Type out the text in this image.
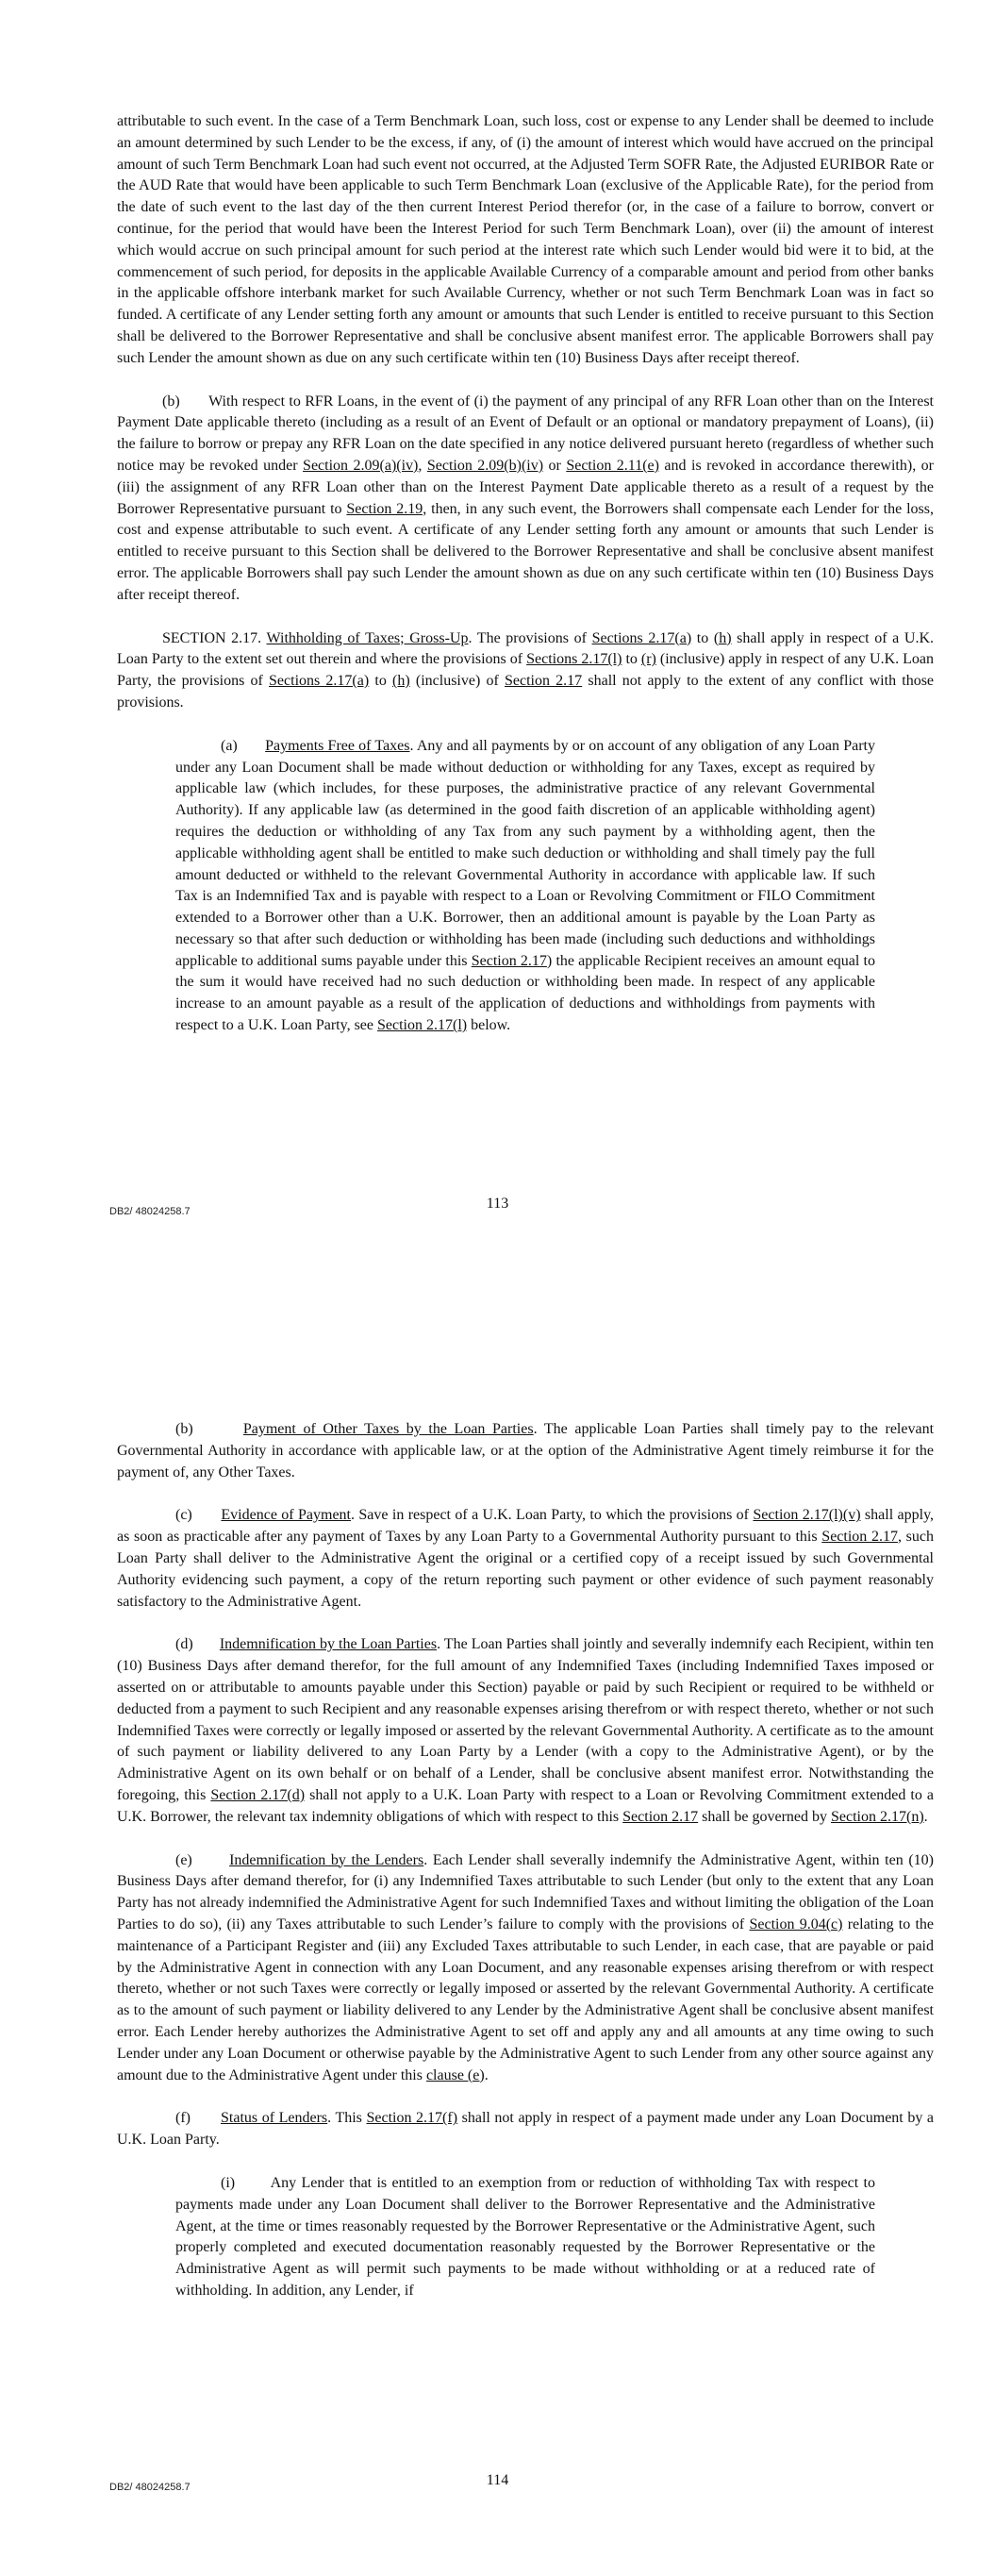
attributable to such event. In the case of a Term Benchmark Loan, such loss, cost or expense to any Lender shall be deemed to include an amount determined by such Lender to be the excess, if any, of (i) the amount of interest which would have accrued on the principal amount of such Term Benchmark Loan had such event not occurred, at the Adjusted Term SOFR Rate, the Adjusted EURIBOR Rate or the AUD Rate that would have been applicable to such Term Benchmark Loan (exclusive of the Applicable Rate), for the period from the date of such event to the last day of the then current Interest Period therefor (or, in the case of a failure to borrow, convert or continue, for the period that would have been the Interest Period for such Term Benchmark Loan), over (ii) the amount of interest which would accrue on such principal amount for such period at the interest rate which such Lender would bid were it to bid, at the commencement of such period, for deposits in the applicable Available Currency of a comparable amount and period from other banks in the applicable offshore interbank market for such Available Currency, whether or not such Term Benchmark Loan was in fact so funded. A certificate of any Lender setting forth any amount or amounts that such Lender is entitled to receive pursuant to this Section shall be delivered to the Borrower Representative and shall be conclusive absent manifest error. The applicable Borrowers shall pay such Lender the amount shown as due on any such certificate within ten (10) Business Days after receipt thereof.

(b)       With respect to RFR Loans, in the event of (i) the payment of any principal of any RFR Loan other than on the Interest Payment Date applicable thereto (including as a result of an Event of Default or an optional or mandatory prepayment of Loans), (ii) the failure to borrow or prepay any RFR Loan on the date specified in any notice delivered pursuant hereto (regardless of whether such notice may be revoked under Section 2.09(a)(iv), Section 2.09(b)(iv) or Section 2.11(e) and is revoked in accordance therewith), or (iii) the assignment of any RFR Loan other than on the Interest Payment Date applicable thereto as a result of a request by the Borrower Representative pursuant to Section 2.19, then, in any such event, the Borrowers shall compensate each Lender for the loss, cost and expense attributable to such event. A certificate of any Lender setting forth any amount or amounts that such Lender is entitled to receive pursuant to this Section shall be delivered to the Borrower Representative and shall be conclusive absent manifest error. The applicable Borrowers shall pay such Lender the amount shown as due on any such certificate within ten (10) Business Days after receipt thereof.

SECTION 2.17. Withholding of Taxes; Gross-Up. The provisions of Sections 2.17(a) to (h) shall apply in respect of a U.K. Loan Party to the extent set out therein and where the provisions of Sections 2.17(l) to (r) (inclusive) apply in respect of any U.K. Loan Party, the provisions of Sections 2.17(a) to (h) (inclusive) of Section 2.17 shall not apply to the extent of any conflict with those provisions.

(a)       Payments Free of Taxes. Any and all payments by or on account of any obligation of any Loan Party under any Loan Document shall be made without deduction or withholding for any Taxes, except as required by applicable law (which includes, for these purposes, the administrative practice of any relevant Governmental Authority). If any applicable law (as determined in the good faith discretion of an applicable withholding agent) requires the deduction or withholding of any Tax from any such payment by a withholding agent, then the applicable withholding agent shall be entitled to make such deduction or withholding and shall timely pay the full amount deducted or withheld to the relevant Governmental Authority in accordance with applicable law. If such Tax is an Indemnified Tax and is payable with respect to a Loan or Revolving Commitment or FILO Commitment extended to a Borrower other than a U.K. Borrower, then an additional amount is payable by the Loan Party as necessary so that after such deduction or withholding has been made (including such deductions and withholdings applicable to additional sums payable under this Section 2.17) the applicable Recipient receives an amount equal to the sum it would have received had no such deduction or withholding been made. In respect of any applicable increase to an amount payable as a result of the application of deductions and withholdings from payments with respect to a U.K. Loan Party, see Section 2.17(l) below.

DB2/ 48024258.7	113

(b)       Payment of Other Taxes by the Loan Parties. The applicable Loan Parties shall timely pay to the relevant Governmental Authority in accordance with applicable law, or at the option of the Administrative Agent timely reimburse it for the payment of, any Other Taxes.

(c)       Evidence of Payment. Save in respect of a U.K. Loan Party, to which the provisions of Section 2.17(l)(v) shall apply, as soon as practicable after any payment of Taxes by any Loan Party to a Governmental Authority pursuant to this Section 2.17, such Loan Party shall deliver to the Administrative Agent the original or a certified copy of a receipt issued by such Governmental Authority evidencing such payment, a copy of the return reporting such payment or other evidence of such payment reasonably satisfactory to the Administrative Agent.

(d)       Indemnification by the Loan Parties. The Loan Parties shall jointly and severally indemnify each Recipient, within ten (10) Business Days after demand therefor, for the full amount of any Indemnified Taxes (including Indemnified Taxes imposed or asserted on or attributable to amounts payable under this Section) payable or paid by such Recipient or required to be withheld or deducted from a payment to such Recipient and any reasonable expenses arising therefrom or with respect thereto, whether or not such Indemnified Taxes were correctly or legally imposed or asserted by the relevant Governmental Authority. A certificate as to the amount of such payment or liability delivered to any Loan Party by a Lender (with a copy to the Administrative Agent), or by the Administrative Agent on its own behalf or on behalf of a Lender, shall be conclusive absent manifest error. Notwithstanding the foregoing, this Section 2.17(d) shall not apply to a U.K. Loan Party with respect to a Loan or Revolving Commitment extended to a U.K. Borrower, the relevant tax indemnity obligations of which with respect to this Section 2.17 shall be governed by Section 2.17(n).

(e)       Indemnification by the Lenders. Each Lender shall severally indemnify the Administrative Agent, within ten (10) Business Days after demand therefor, for (i) any Indemnified Taxes attributable to such Lender (but only to the extent that any Loan Party has not already indemnified the Administrative Agent for such Indemnified Taxes and without limiting the obligation of the Loan Parties to do so), (ii) any Taxes attributable to such Lender’s failure to comply with the provisions of Section 9.04(c) relating to the maintenance of a Participant Register and (iii) any Excluded Taxes attributable to such Lender, in each case, that are payable or paid by the Administrative Agent in connection with any Loan Document, and any reasonable expenses arising therefrom or with respect thereto, whether or not such Taxes were correctly or legally imposed or asserted by the relevant Governmental Authority. A certificate as to the amount of such payment or liability delivered to any Lender by the Administrative Agent shall be conclusive absent manifest error. Each Lender hereby authorizes the Administrative Agent to set off and apply any and all amounts at any time owing to such Lender under any Loan Document or otherwise payable by the Administrative Agent to such Lender from any other source against any amount due to the Administrative Agent under this clause (e).

(f)       Status of Lenders. This Section 2.17(f) shall not apply in respect of a payment made under any Loan Document by a U.K. Loan Party.

(i)       Any Lender that is entitled to an exemption from or reduction of withholding Tax with respect to payments made under any Loan Document shall deliver to the Borrower Representative and the Administrative Agent, at the time or times reasonably requested by the Borrower Representative or the Administrative Agent, such properly completed and executed documentation reasonably requested by the Borrower Representative or the Administrative Agent as will permit such payments to be made without withholding or at a reduced rate of withholding. In addition, any Lender, if

DB2/ 48024258.7	114
